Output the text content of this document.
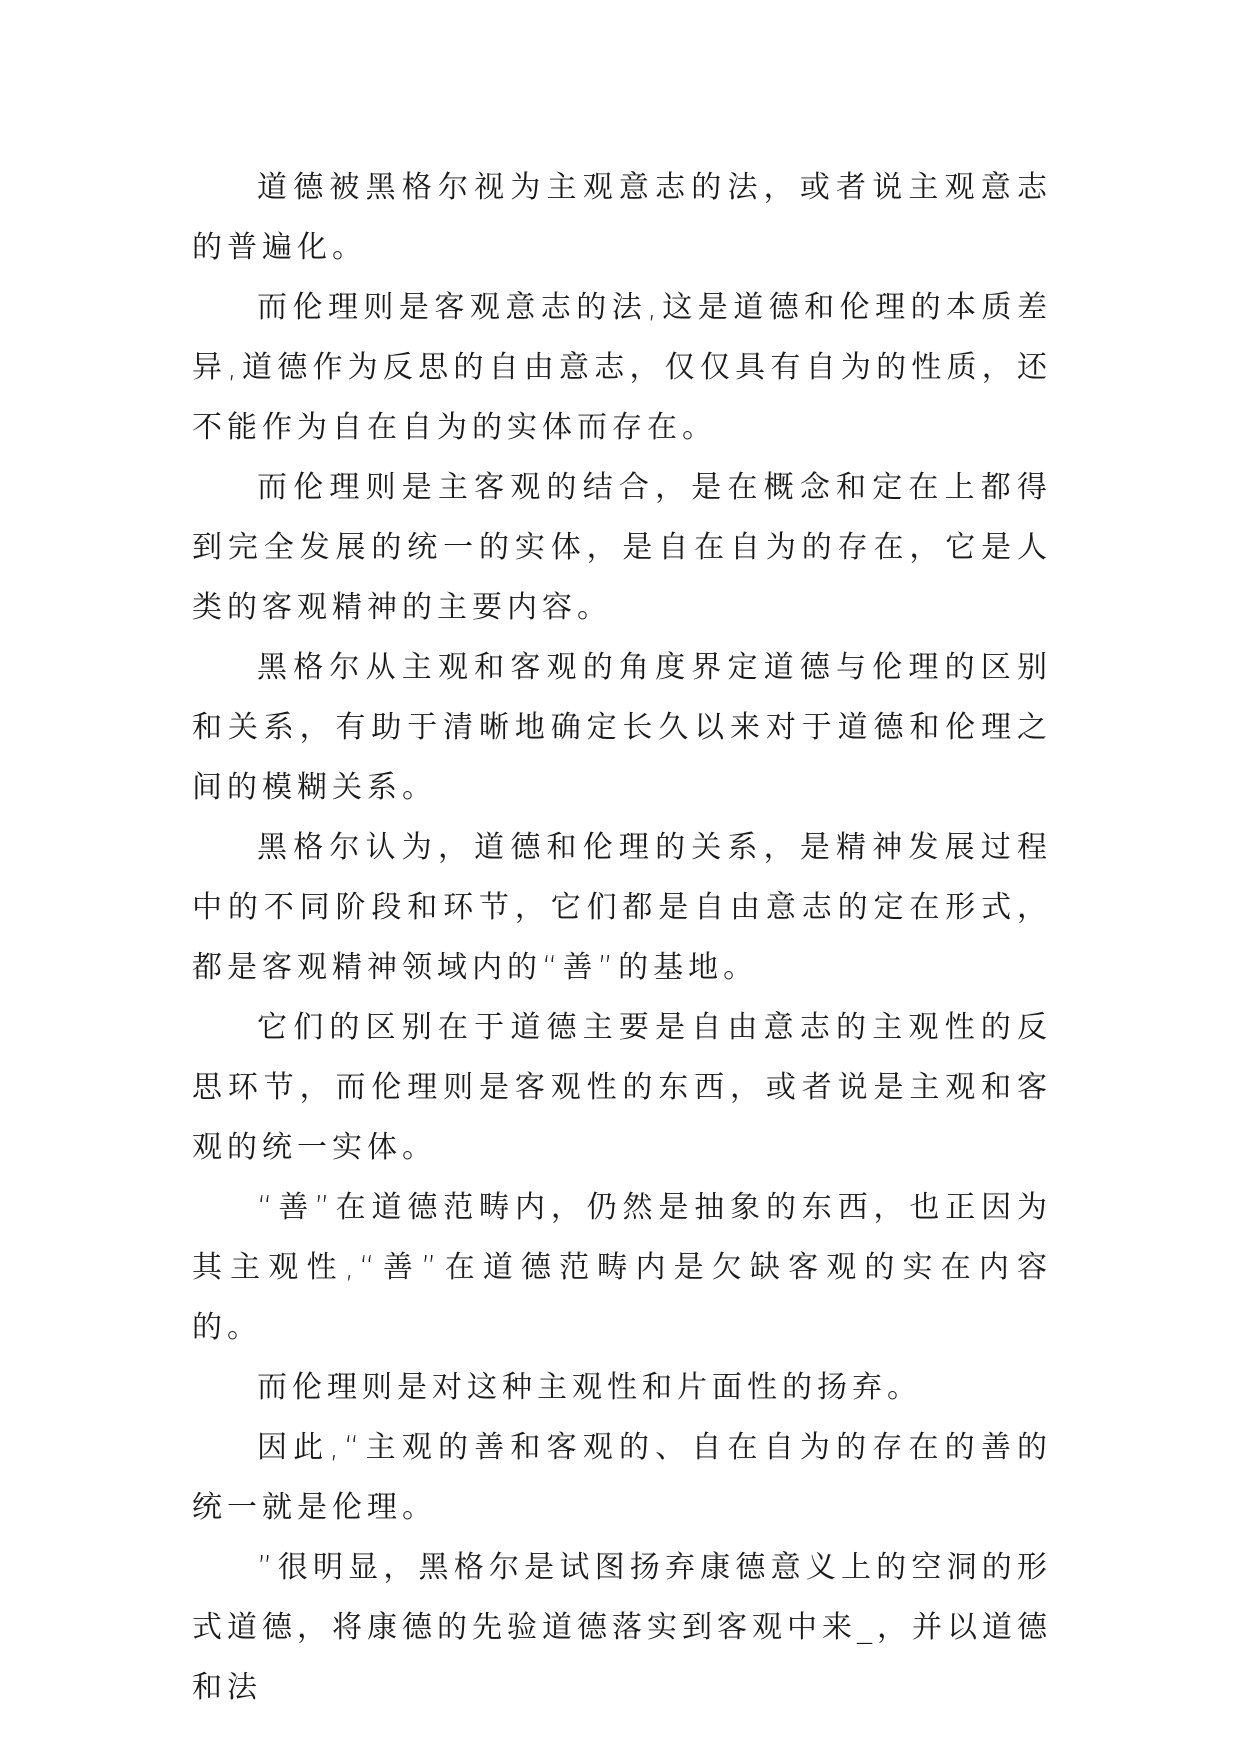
道德被黑格尔视为主观意志的法，或者说主观意志的普遍化。

而伦理则是客观意志的法,这是道德和伦理的本质差异,道德作为反思的自由意志，仅仅具有自为的性质，还不能作为自在自为的实体而存在。

而伦理则是主客观的结合，是在概念和定在上都得到完全发展的统一的实体，是自在自为的存在，它是人类的客观精神的主要内容。

黑格尔从主观和客观的角度界定道德与伦理的区别和关系，有助于清晰地确定长久以来对于道德和伦理之间的模糊关系。

黑格尔认为，道德和伦理的关系，是精神发展过程中的不同阶段和环节，它们都是自由意志的定在形式，都是客观精神领域内的“善”的基地。

它们的区别在于道德主要是自由意志的主观性的反思环节，而伦理则是客观性的东西，或者说是主观和客观的统一实体。

“善”在道德范畴内，仍然是抽象的东西，也正因为其主观性,“善”在道德范畴内是欠缺客观的实在内容的。

而伦理则是对这种主观性和片面性的扬弃。

因此,“主观的善和客观的、自在自为的存在的善的统一就是伦理。

”很明显，黑格尔是试图扬弃康德意义上的空洞的形式道德，将康德的先验道德落实到客观中来_，并以道德和法
